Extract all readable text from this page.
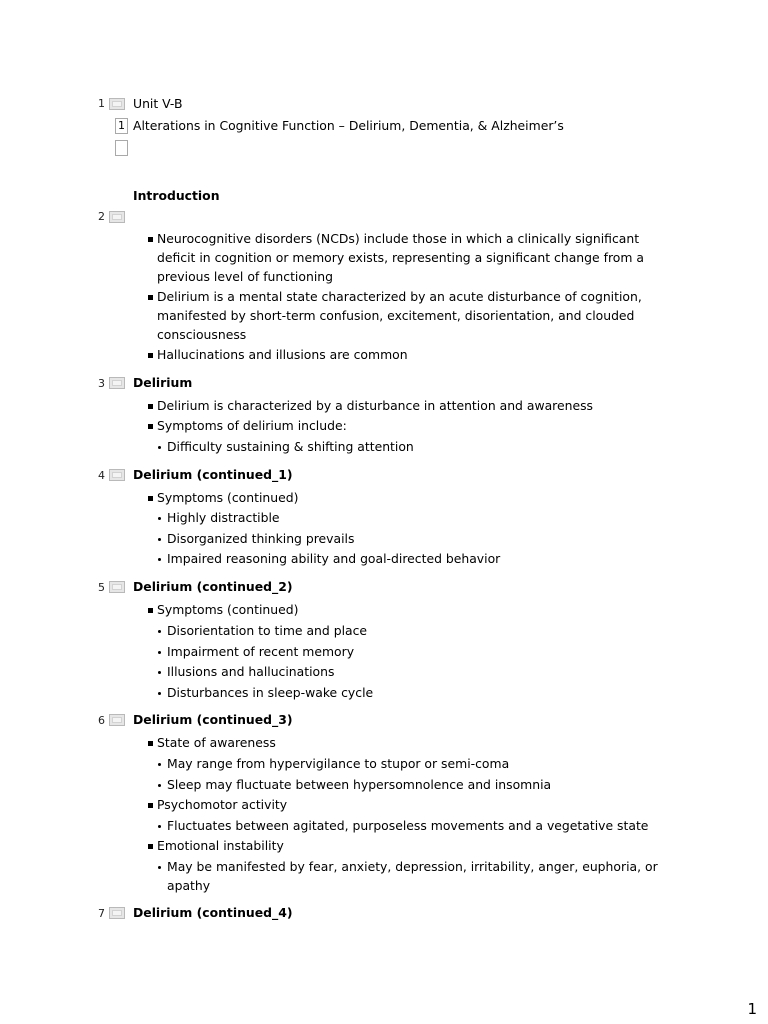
1 Unit V-B
1 Alterations in Cognitive Function – Delirium, Dementia, & Alzheimer’s
Introduction
2
Neurocognitive disorders (NCDs) include those in which a clinically significant
deficit in cognition or memory exists, representing a significant change from a
previous level of functioning
Delirium is a mental state characterized by an acute disturbance of cognition,
manifested by short-term confusion, excitement, disorientation, and clouded
consciousness
Hallucinations and illusions are common
3 Delirium
Delirium is characterized by a disturbance in attention and awareness
Symptoms of delirium include:
Difficulty sustaining & shifting attention
4 Delirium (continued_1)
Symptoms (continued)
Highly distractible
Disorganized thinking prevails
Impaired reasoning ability and goal-directed behavior
5 Delirium (continued_2)
Symptoms (continued)
Disorientation to time and place
Impairment of recent memory
Illusions and hallucinations
Disturbances in sleep-wake cycle
6 Delirium (continued_3)
State of awareness
May range from hypervigilance to stupor or semi-coma
Sleep may fluctuate between hypersomnolence and insomnia
Psychomotor activity
Fluctuates between agitated, purposeless movements and a vegetative state
Emotional instability
May be manifested by fear, anxiety, depression, irritability, anger, euphoria, or
apathy
7 Delirium (continued_4)
1
